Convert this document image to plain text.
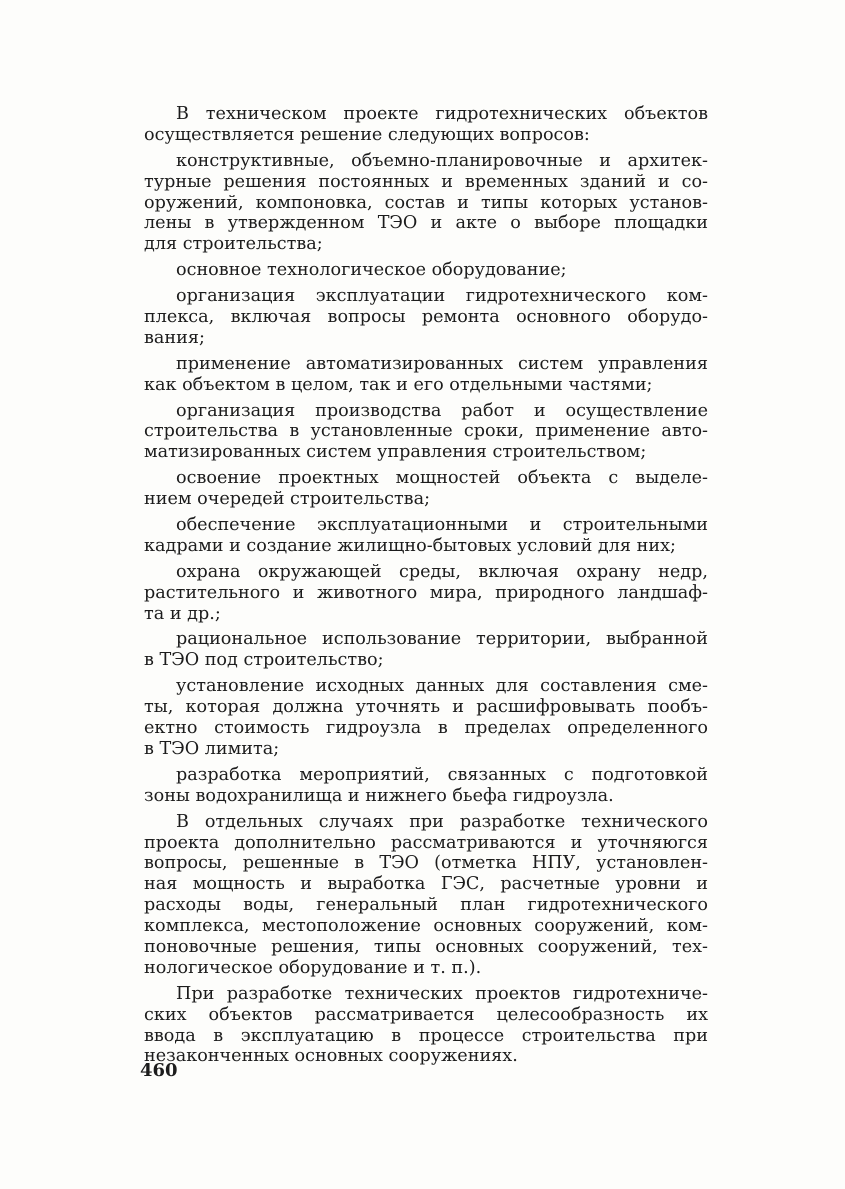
В техническом проекте гидротехнических объектов
осуществляется решение следующих вопросов:
конструктивные, объемно-планировочные и архитек-
турные решения постоянных и временных зданий и со-
оружений, компоновка, состав и типы которых установ-
лены в утвержденном ТЭО и акте о выборе площадки
для строительства;
основное технологическое оборудование;
организация эксплуатации гидротехнического ком-
плекса, включая вопросы ремонта основного оборудо-
вания;
применение автоматизированных систем управления
как объектом в целом, так и его отдельными частями;
организация производства работ и осуществление
строительства в установленные сроки, применение авто-
матизированных систем управления строительством;
освоение проектных мощностей объекта с выделе-
нием очередей строительства;
обеспечение эксплуатационными и строительными
кадрами и создание жилищно-бытовых условий для них;
охрана окружающей среды, включая охрану недр,
растительного и животного мира, природного ландшаф-
та и др.;
рациональное использование территории, выбранной
в ТЭО под строительство;
установление исходных данных для составления сме-
ты, которая должна уточнять и расшифровывать пообъ-
ектно стоимость гидроузла в пределах определенного
в ТЭО лимита;
разработка мероприятий, связанных с подготовкой
зоны водохранилища и нижнего бьефа гидроузла.
В отдельных случаях при разработке технического
проекта дополнительно рассматриваются и уточняюгся
вопросы, решенные в ТЭО (отметка НПУ, установлен-
ная мощность и выработка ГЭС, расчетные уровни и
расходы воды, генеральный план гидротехнического
комплекса, местоположение основных сооружений, ком-
поновочные решения, типы основных сооружений, тех-
нологическое оборудование и т. п.).
При разработке технических проектов гидротехниче-
ских объектов рассматривается целесообразность их
ввода в эксплуатацию в процессе строительства при
незаконченных основных сооружениях.
460
